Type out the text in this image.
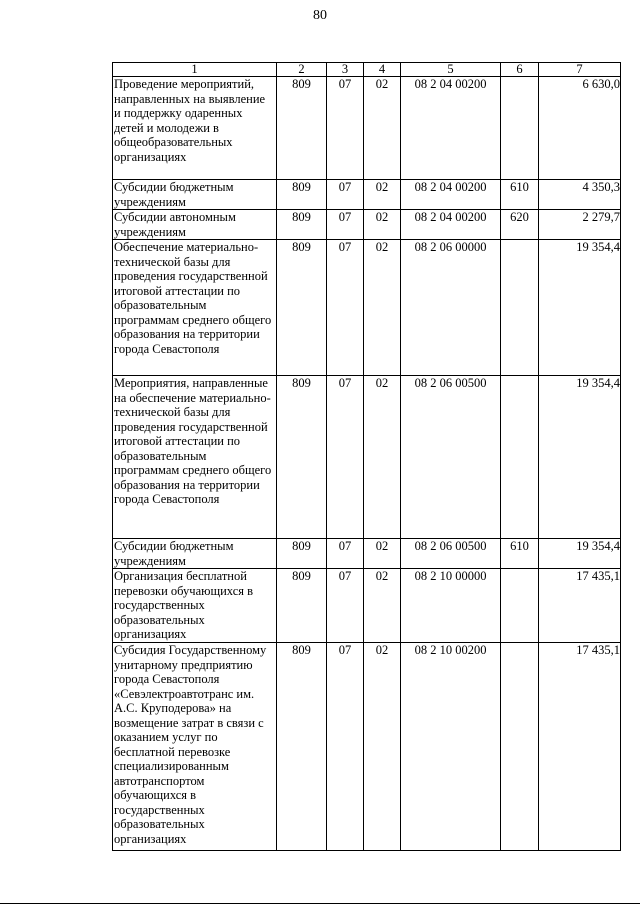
80
1	2	3	4	5	6	7
Проведение мероприятий, направленных на выявление и поддержку одаренных детей и молодежи в общеобразовательных организациях	809	07	02	08 2 04 00200		6 630,0
Субсидии бюджетным учреждениям	809	07	02	08 2 04 00200	610	4 350,3
Субсидии автономным учреждениям	809	07	02	08 2 04 00200	620	2 279,7
Обеспечение материально-технической базы для проведения государственной итоговой аттестации по образовательным программам среднего общего образования на территории города Севастополя	809	07	02	08 2 06 00000		19 354,4
Мероприятия, направленные на обеспечение материально-технической базы для проведения государственной итоговой аттестации по образовательным программам среднего общего образования на территории города Севастополя	809	07	02	08 2 06 00500		19 354,4
Субсидии бюджетным учреждениям	809	07	02	08 2 06 00500	610	19 354,4
Организация бесплатной перевозки обучающихся в государственных образовательных организациях	809	07	02	08 2 10 00000		17 435,1
Субсидия Государственному унитарному предприятию города Севастополя «Севэлектроавтотранс им. А.С. Круподерова» на возмещение затрат в связи с оказанием услуг по бесплатной перевозке специализированным автотранспортом обучающихся в государственных образовательных организациях	809	07	02	08 2 10 00200		17 435,1
